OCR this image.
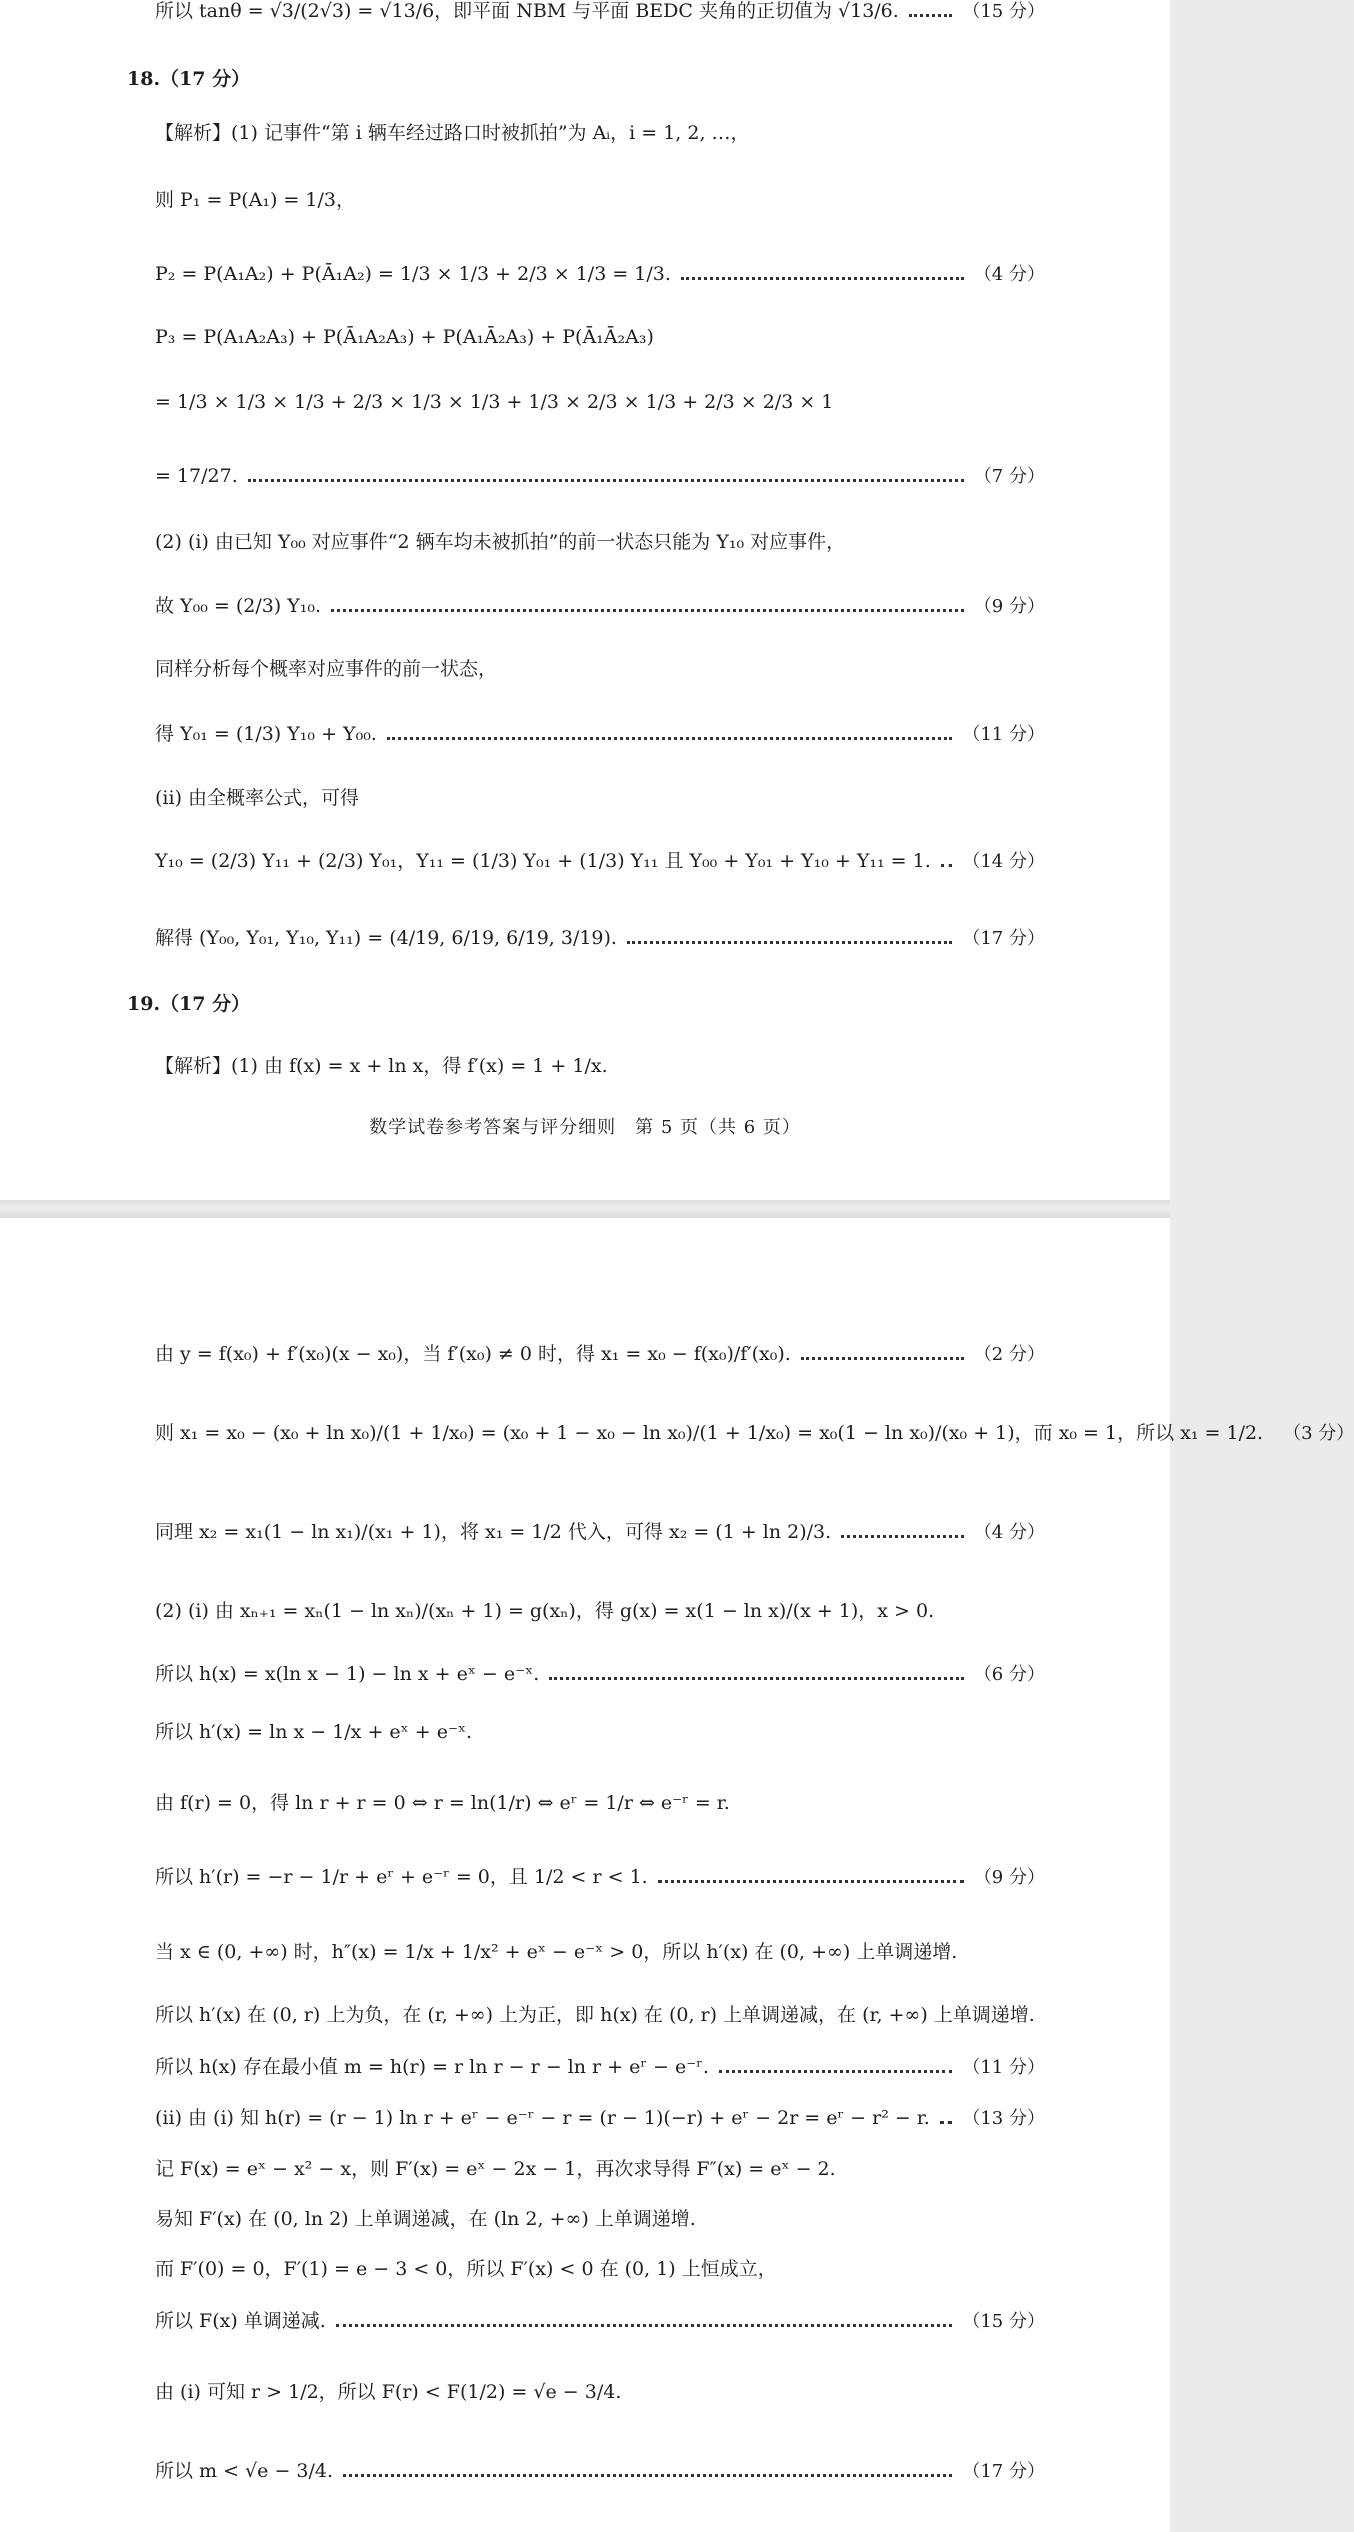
所以 tanθ = √3/(2√3) = √13/6，即平面 NBM 与平面 BEDC 夹角的正切值为 √13/6.	（15 分）
18.（17 分）
【解析】(1) 记事件“第 i 辆车经过路口时被抓拍”为 Aᵢ，i = 1, 2, …，
则 P₁ = P(A₁) = 1/3，
P₂ = P(A₁A₂) + P(Ā₁A₂) = 1/3 × 1/3 + 2/3 × 1/3 = 1/3.	（4 分）
P₃ = P(A₁A₂A₃) + P(Ā₁A₂A₃) + P(A₁Ā₂A₃) + P(Ā₁Ā₂A₃)
= 1/3 × 1/3 × 1/3 + 2/3 × 1/3 × 1/3 + 1/3 × 2/3 × 1/3 + 2/3 × 2/3 × 1
= 17/27.	（7 分）
(2) (i) 由已知 Y₀₀ 对应事件“2 辆车均未被抓拍”的前一状态只能为 Y₁₀ 对应事件，
故 Y₀₀ = (2/3) Y₁₀.	（9 分）
同样分析每个概率对应事件的前一状态，
得 Y₀₁ = (1/3) Y₁₀ + Y₀₀.	（11 分）
(ii) 由全概率公式，可得
Y₁₀ = (2/3) Y₁₁ + (2/3) Y₀₁，Y₁₁ = (1/3) Y₀₁ + (1/3) Y₁₁ 且 Y₀₀ + Y₀₁ + Y₁₀ + Y₁₁ = 1. （14 分）
解得 (Y₀₀, Y₀₁, Y₁₀, Y₁₁) = (4/19, 6/19, 6/19, 3/19).	（17 分）
19.（17 分）
【解析】(1) 由 f(x) = x + ln x，得 f′(x) = 1 + 1/x.
数学试卷参考答案与评分细则　第 5 页（共 6 页）
由 y = f(x₀) + f′(x₀)(x − x₀)，当 f′(x₀) ≠ 0 时，得 x₁ = x₀ − f(x₀)/f′(x₀).	（2 分）
则 x₁ = x₀ − (x₀ + ln x₀)/(1 + 1/x₀) = (x₀ + 1 − x₀ − ln x₀)/(1 + 1/x₀) = x₀(1 − ln x₀)/(x₀ + 1)，而 x₀ = 1，所以 x₁ = 1/2. （3 分）
同理 x₂ = x₁(1 − ln x₁)/(x₁ + 1)，将 x₁ = 1/2 代入，可得 x₂ = (1 + ln 2)/3.	（4 分）
(2) (i) 由 xₙ₊₁ = xₙ(1 − ln xₙ)/(xₙ + 1) = g(xₙ)，得 g(x) = x(1 − ln x)/(x + 1)，x > 0.
所以 h(x) = x(ln x − 1) − ln x + eˣ − e⁻ˣ.	（6 分）
所以 h′(x) = ln x − 1/x + eˣ + e⁻ˣ.
由 f(r) = 0，得 ln r + r = 0 ⇔ r = ln(1/r) ⇔ eʳ = 1/r ⇔ e⁻ʳ = r.
所以 h′(r) = −r − 1/r + eʳ + e⁻ʳ = 0，且 1/2 < r < 1.	（9 分）
当 x ∈ (0, +∞) 时，h″(x) = 1/x + 1/x² + eˣ − e⁻ˣ > 0，所以 h′(x) 在 (0, +∞) 上单调递增.
所以 h′(x) 在 (0, r) 上为负，在 (r, +∞) 上为正，即 h(x) 在 (0, r) 上单调递减，在 (r, +∞) 上单调递增.
所以 h(x) 存在最小值 m = h(r) = r ln r − r − ln r + eʳ − e⁻ʳ.	（11 分）
(ii) 由 (i) 知 h(r) = (r − 1) ln r + eʳ − e⁻ʳ − r = (r − 1)(−r) + eʳ − 2r = eʳ − r² − r. （13 分）
记 F(x) = eˣ − x² − x，则 F′(x) = eˣ − 2x − 1，再次求导得 F″(x) = eˣ − 2.
易知 F′(x) 在 (0, ln 2) 上单调递减，在 (ln 2, +∞) 上单调递增.
而 F′(0) = 0，F′(1) = e − 3 < 0，所以 F′(x) < 0 在 (0, 1) 上恒成立，
所以 F(x) 单调递减.	（15 分）
由 (i) 可知 r > 1/2，所以 F(r) < F(1/2) = √e − 3/4.
所以 m < √e − 3/4.	（17 分）
